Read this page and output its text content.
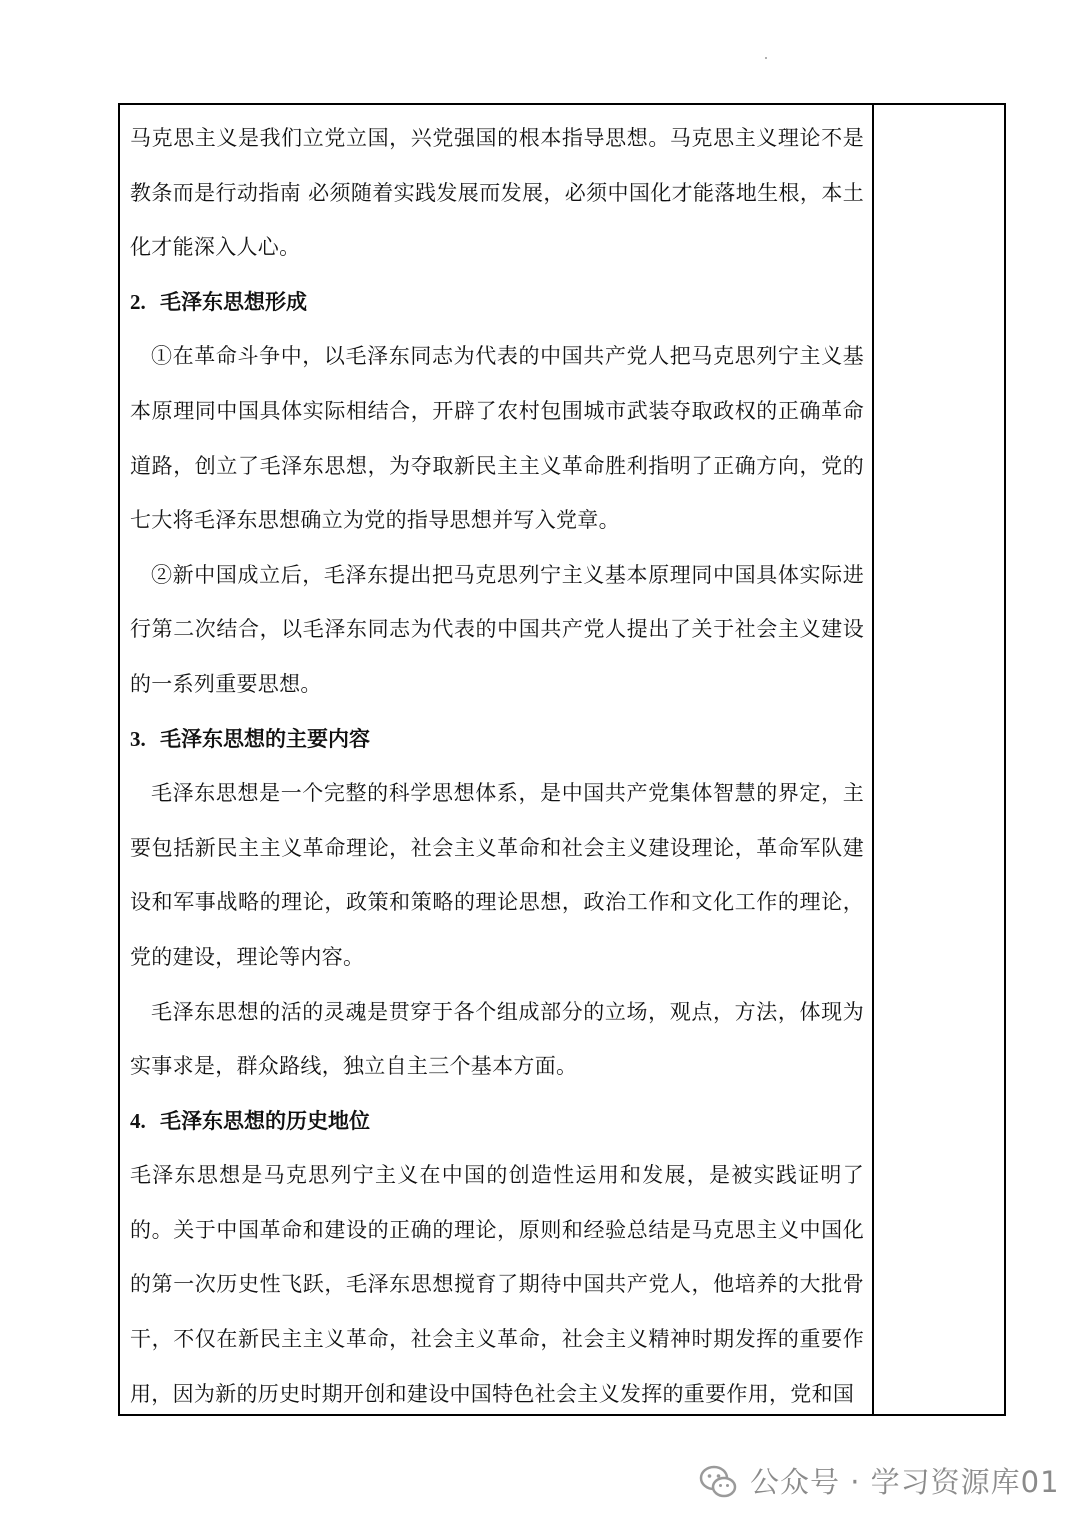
马克思主义是我们立党立国，兴党强国的根本指导思想。马克思主义理论不是教条而是行动指南 必须随着实践发展而发展，必须中国化才能落地生根，本土化才能深入人心。

2. 毛泽东思想形成

①在革命斗争中，以毛泽东同志为代表的中国共产党人把马克思列宁主义基本原理同中国具体实际相结合，开辟了农村包围城市武装夺取政权的正确革命道路，创立了毛泽东思想，为夺取新民主主义革命胜利指明了正确方向，党的七大将毛泽东思想确立为党的指导思想并写入党章。

②新中国成立后，毛泽东提出把马克思列宁主义基本原理同中国具体实际进行第二次结合，以毛泽东同志为代表的中国共产党人提出了关于社会主义建设的一系列重要思想。

3. 毛泽东思想的主要内容

毛泽东思想是一个完整的科学思想体系，是中国共产党集体智慧的界定，主要包括新民主主义革命理论，社会主义革命和社会主义建设理论，革命军队建设和军事战略的理论，政策和策略的理论思想，政治工作和文化工作的理论，党的建设，理论等内容。

毛泽东思想的活的灵魂是贯穿于各个组成部分的立场，观点，方法，体现为实事求是，群众路线，独立自主三个基本方面。

4. 毛泽东思想的历史地位

毛泽东思想是马克思列宁主义在中国的创造性运用和发展，是被实践证明了的。关于中国革命和建设的正确的理论，原则和经验总结是马克思主义中国化的第一次历史性飞跃，毛泽东思想搅育了期待中国共产党人，他培养的大批骨干，不仅在新民主主义革命，社会主义革命，社会主义精神时期发挥的重要作用，因为新的历史时期开创和建设中国特色社会主义发挥的重要作用，党和国

公众号 · 学习资源库01
